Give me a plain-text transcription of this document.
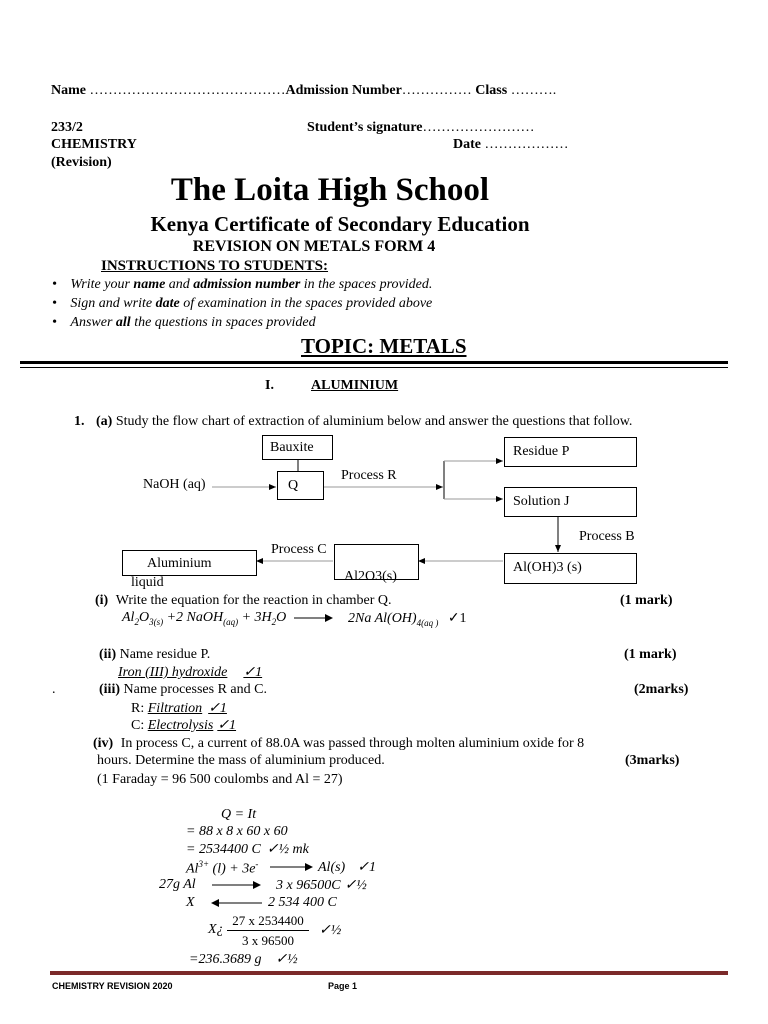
Name ……………………………………Admission Number…………… Class ……….
233/2
CHEMISTRY
(Revision)
Student’s signature……………………
Date ………………
The Loita High School
Kenya Certificate of Secondary Education
REVISION ON METALS FORM 4
INSTRUCTIONS TO STUDENTS:
• Write your name and admission number in the spaces provided.
• Sign and write date of examination in the spaces provided above
• Answer all the questions in spaces provided
TOPIC: METALS
I.	ALUMINIUM
1. (a) Study the flow chart of extraction of aluminium below and answer the questions that follow.
Bauxite
Q
NaOH (aq)
Process R
Residue P
Solution J
Process B
Al(OH)3 (s)
Al2O3(s)
Process C
Aluminium
liquid
(i) Write the equation for the reaction in chamber Q.	(1 mark)
$Al_2O_{3(s)} +2$ NaOH$_{(aq)}$ + $3H_2O \to 2Na$ $Al(OH)_{4(aq )}$ ✓1
(ii) Name residue P.	(1 mark)
Iron (III) hydroxide ✓1
.	(iii) Name processes R and C.	(2marks)
R: Filtration ✓1
C: Electrolysis ✓1
(iv) In process C, a current of 88.0A was passed through molten aluminium oxide for 8
hours. Determine the mass of aluminium produced.	(3marks)
(1 Faraday = 96 500 coulombs and Al = 27)
Q = It
= 88 x 8 x 60 x 60
= 2534400 C ✓½ mk
$Al^{3+}$ (l) + 3e-	Al(s) ✓1
27g Al	3 x 96500C ✓½
X	2 534 400 C
X¿
27 x 2534400
3 x 96500
✓½
=236.3689 g ✓½
CHEMISTRY REVISION 2020	Page 1
